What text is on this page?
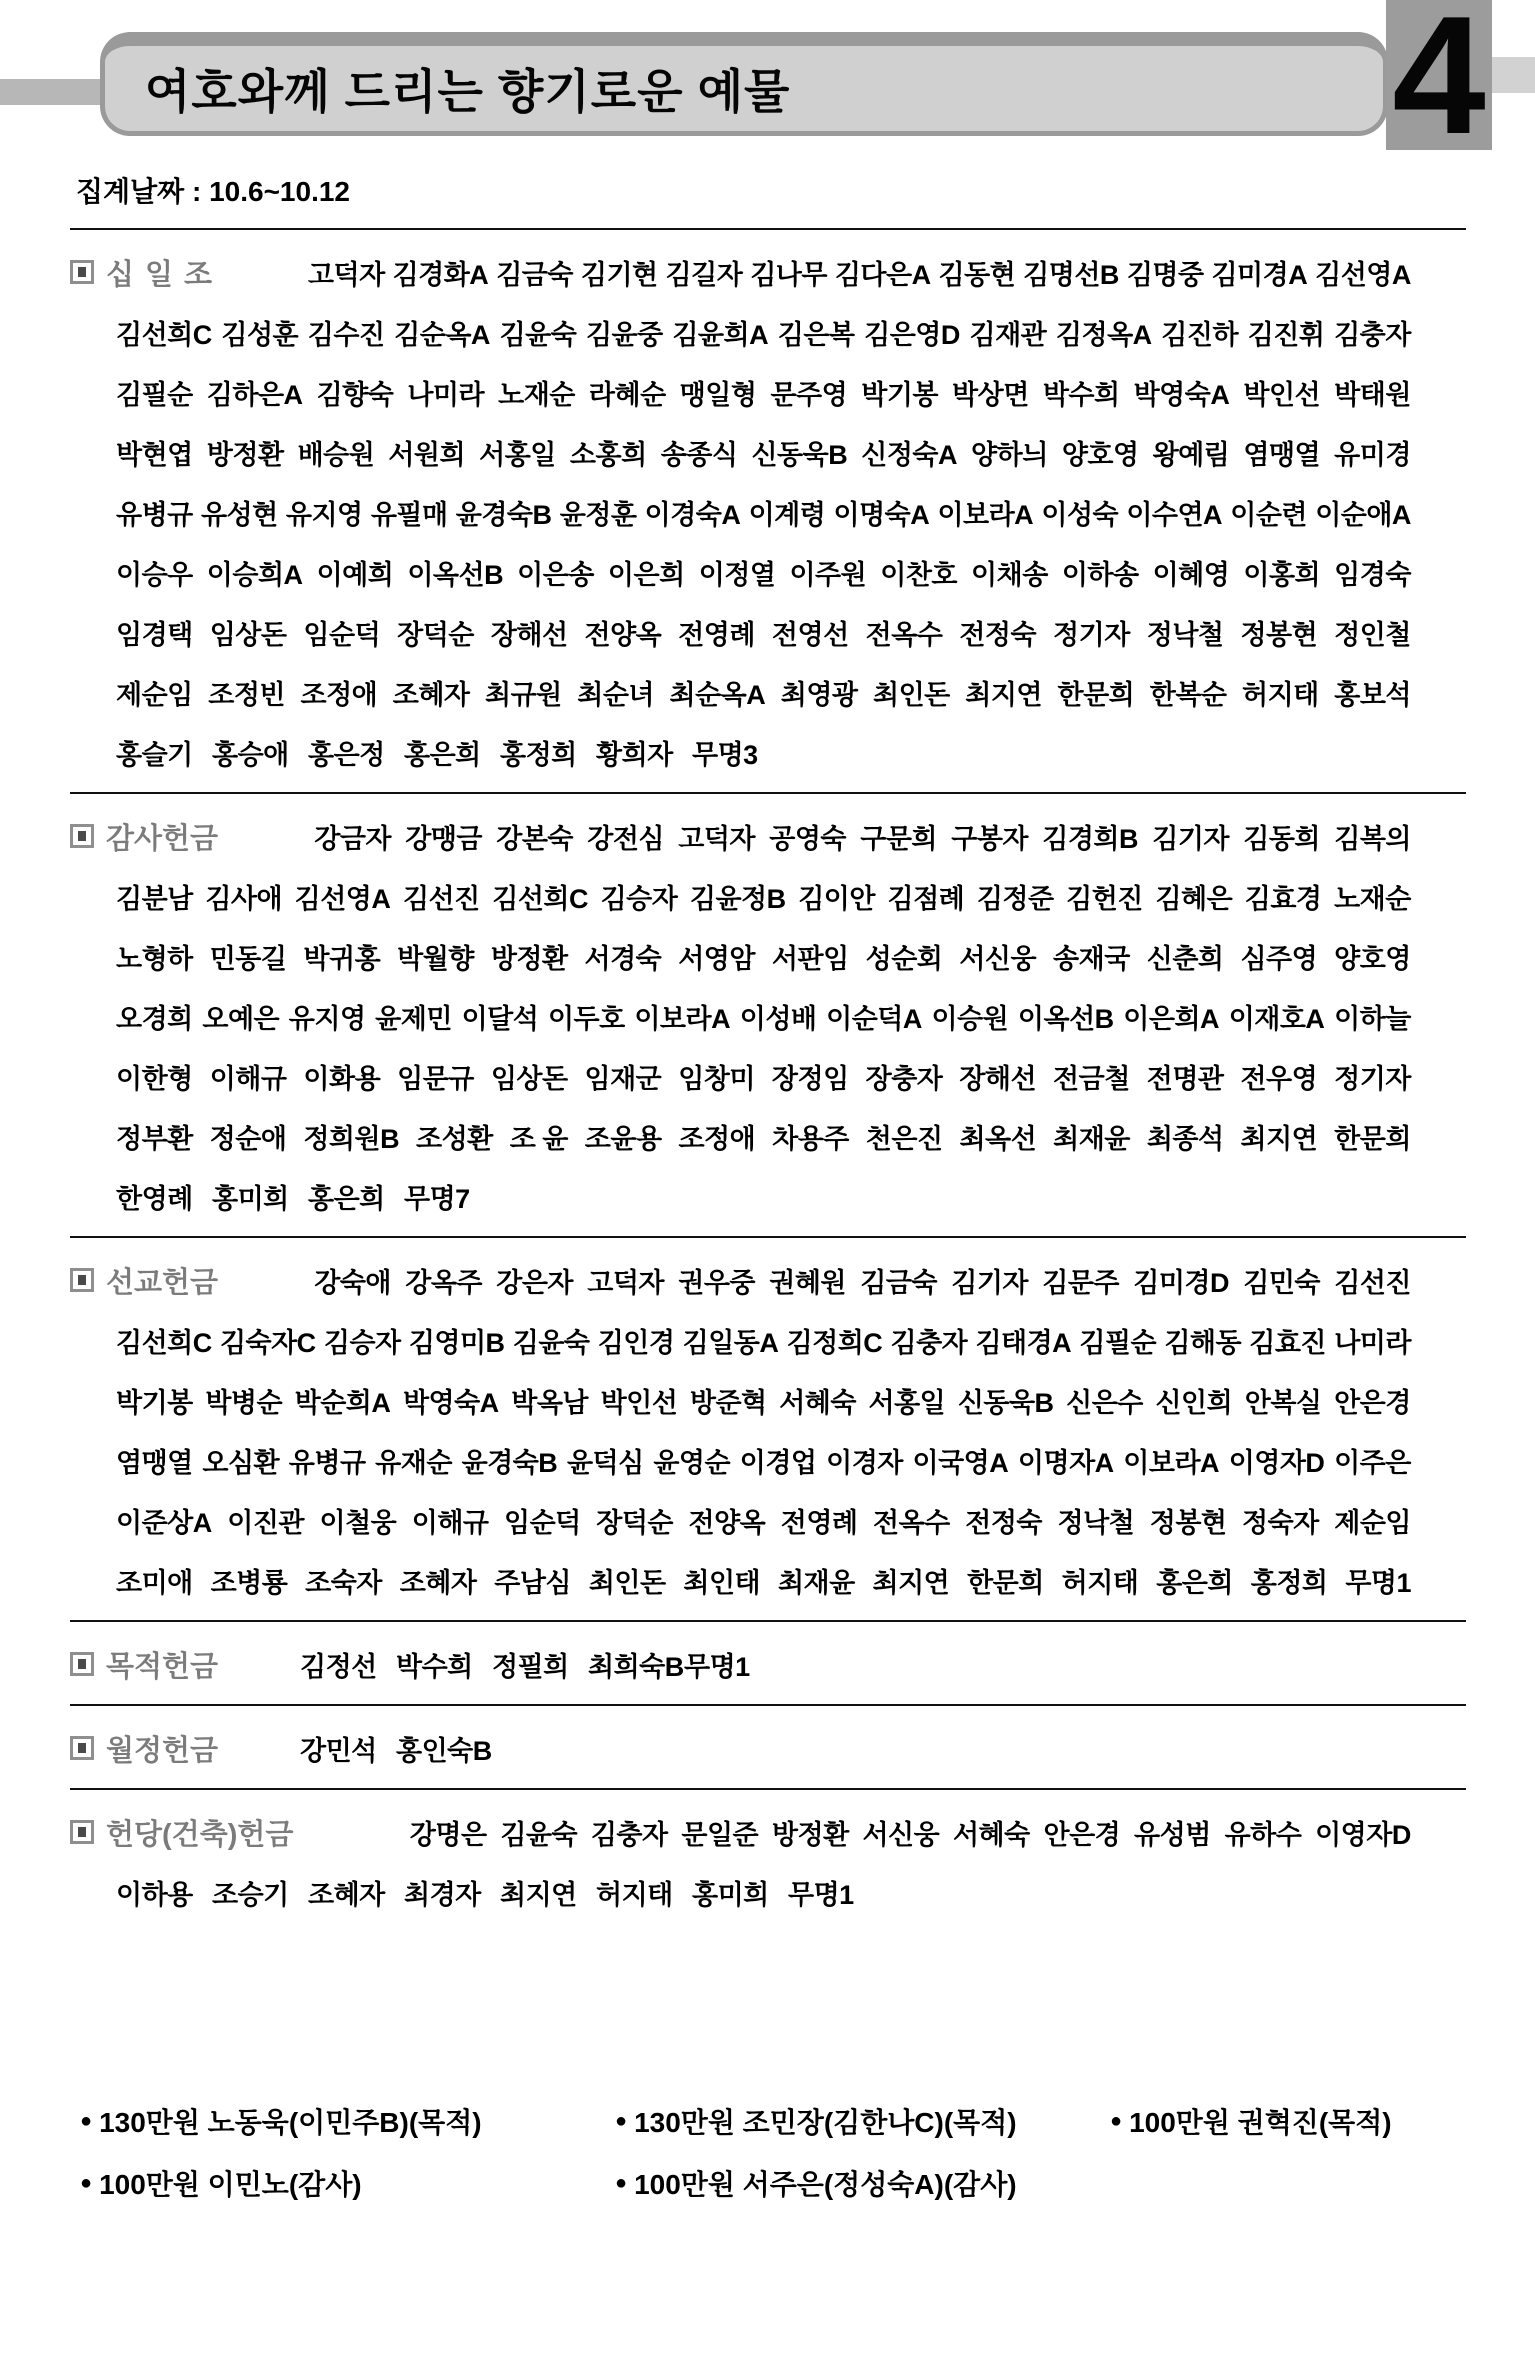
여호와께 드리는 향기로운 예물	4
집계날짜 : 10.6~10.12
십일조	고덕자 김경화A 김금숙 김기현 김길자 김나무 김다은A 김동현 김명선B 김명중 김미경A 김선영A
김선희C 김성훈 김수진 김순옥A 김윤숙 김윤중 김윤희A 김은복 김은영D 김재관 김정옥A 김진하 김진휘 김충자
김필순 김하은A 김향숙 나미라 노재순 라혜순 맹일형 문주영 박기봉 박상면 박수희 박영숙A 박인선 박태원
박현엽 방정환 배승원 서원희 서홍일 소홍희 송종식 신동욱B 신정숙A 양하늬 양호영 왕예림 염맹열 유미경
유병규 유성현 유지영 유필매 윤경숙B 윤정훈 이경숙A 이계령 이명숙A 이보라A 이성숙 이수연A 이순련 이순애A
이승우 이승희A 이예희 이옥선B 이은송 이은희 이정열 이주원 이찬호 이채송 이하송 이혜영 이홍희 임경숙
임경택 임상돈 임순덕 장덕순 장해선 전양옥 전영례 전영선 전옥수 전정숙 정기자 정낙철 정봉현 정인철
제순임 조정빈 조정애 조혜자 최규원 최순녀 최순옥A 최영광 최인돈 최지연 한문희 한복순 허지태 홍보석
홍슬기 홍승애 홍은정 홍은희 홍정희 황희자 무명3
감사헌금	강금자 강맹금 강본숙 강전심 고덕자 공영숙 구문희 구봉자 김경희B 김기자 김동희 김복의
김분남 김사애 김선영A 김선진 김선희C 김승자 김윤정B 김이안 김점례 김정준 김헌진 김혜은 김효경 노재순
노형하 민동길 박귀홍 박월향 방정환 서경숙 서영암 서판임 성순회 서신웅 송재국 신춘희 심주영 양호영
오경희 오예은 유지영 윤제민 이달석 이두호 이보라A 이성배 이순덕A 이승원 이옥선B 이은희A 이재호A 이하늘
이한형 이해규 이화용 임문규 임상돈 임재군 임창미 장정임 장충자 장해선 전금철 전명관 전우영 정기자
정부환 정순애 정희원B 조성환 조 윤 조윤용 조정애 차용주 천은진 최옥선 최재윤 최종석 최지연 한문희
한영례 홍미희 홍은희 무명7
선교헌금	강숙애 강옥주 강은자 고덕자 권우중 권혜원 김금숙 김기자 김문주 김미경D 김민숙 김선진
김선희C 김숙자C 김승자 김영미B 김윤숙 김인경 김일동A 김정희C 김충자 김태경A 김필순 김해동 김효진 나미라
박기봉 박병순 박순희A 박영숙A 박옥남 박인선 방준혁 서혜숙 서홍일 신동욱B 신은수 신인희 안복실 안은경
염맹열 오심환 유병규 유재순 윤경숙B 윤덕심 윤영순 이경업 이경자 이국영A 이명자A 이보라A 이영자D 이주은
이준상A 이진관 이철웅 이해규 임순덕 장덕순 전양옥 전영례 전옥수 전정숙 정낙철 정봉현 정숙자 제순임
조미애 조병룡 조숙자 조혜자 주남심 최인돈 최인태 최재윤 최지연 한문희 허지태 홍은희 홍정희 무명1
목적헌금	김정선 박수희 정필희 최희숙B 무명1
월정헌금	강민석 홍인숙B
헌당(건축)헌금	강명은 김윤숙 김충자 문일준 방정환 서신웅 서혜숙 안은경 유성범 유하수 이영자D
이하용 조승기 조혜자 최경자 최지연 허지태 홍미희 무명1
● 130만원 노동욱(이민주B)(목적)
● 100만원 이민노(감사)
● 130만원 조민장(김한나C)(목적)
● 100만원 서주은(정성숙A)(감사)
● 100만원 권혁진(목적)
